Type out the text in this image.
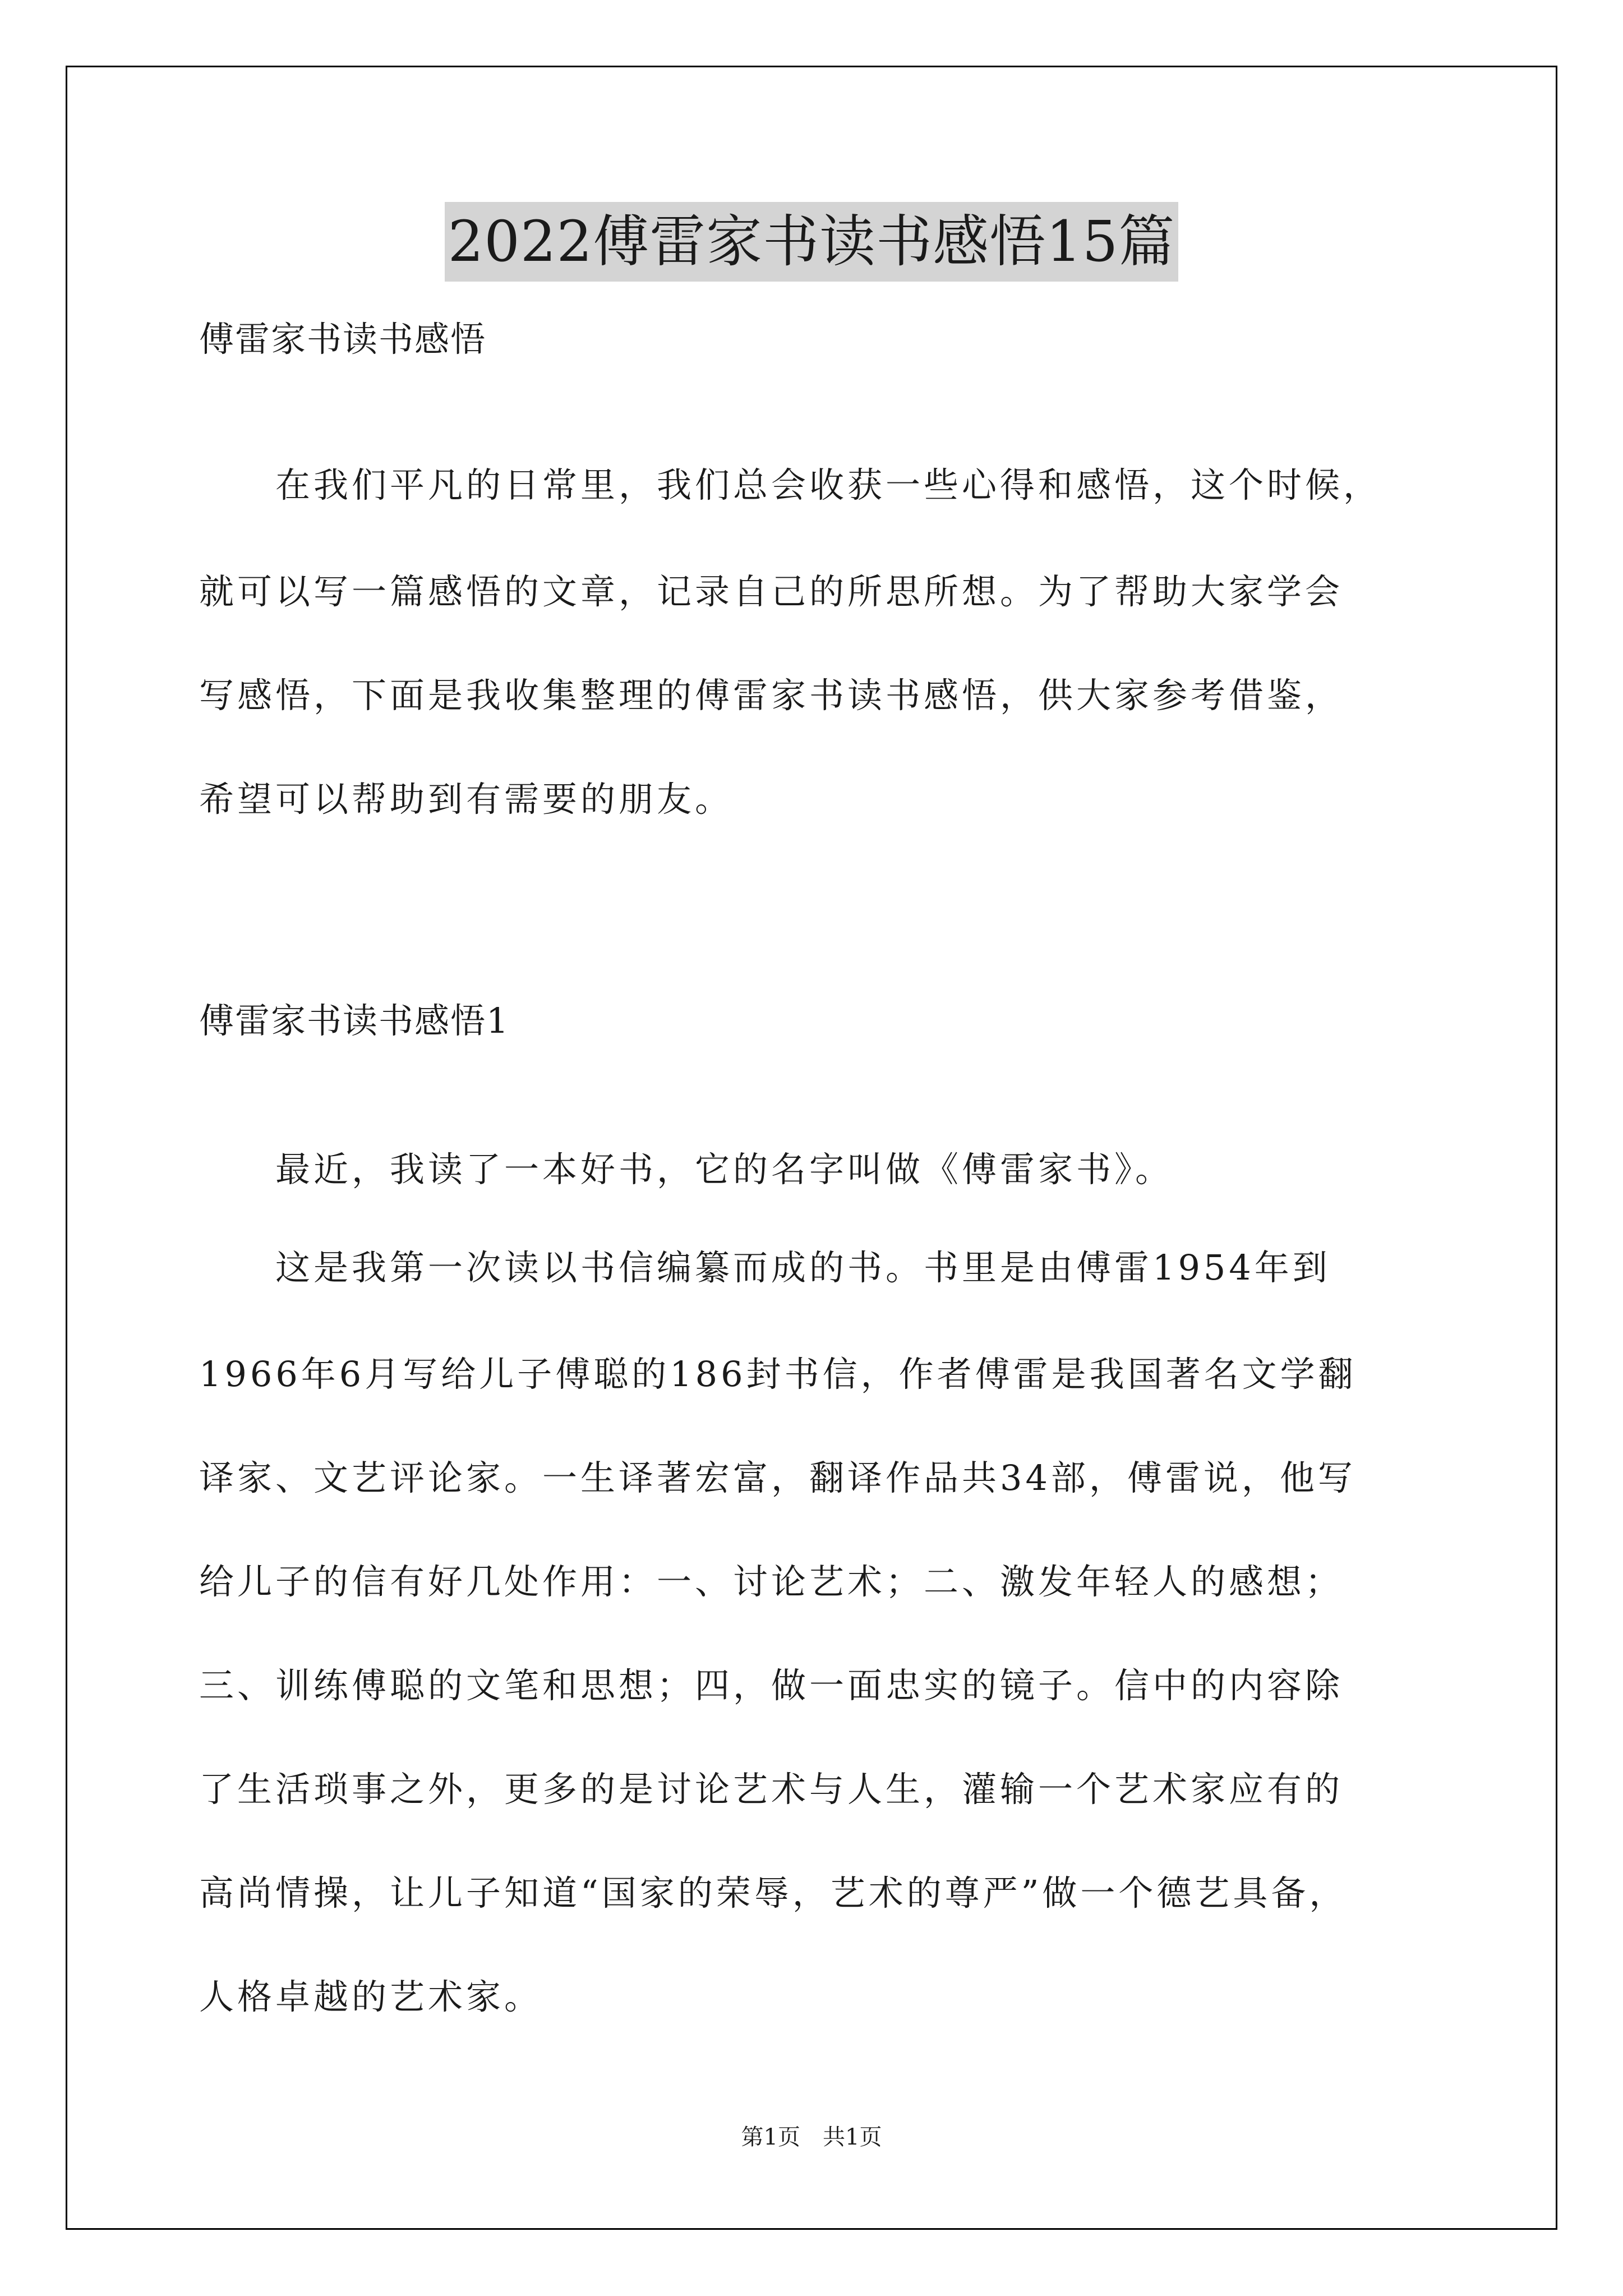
2022傅雷家书读书感悟15篇
傅雷家书读书感悟
　　在我们平凡的日常里，我们总会收获一些心得和感悟，这个时候，
就可以写一篇感悟的文章，记录自己的所思所想。为了帮助大家学会
写感悟，下面是我收集整理的傅雷家书读书感悟，供大家参考借鉴，
希望可以帮助到有需要的朋友。
傅雷家书读书感悟1
　　最近，我读了一本好书，它的名字叫做《傅雷家书》。
　　这是我第一次读以书信编纂而成的书。书里是由傅雷1954年到
1966年6月写给儿子傅聪的186封书信，作者傅雷是我国著名文学翻
译家、文艺评论家。一生译著宏富，翻译作品共34部，傅雷说，他写
给儿子的信有好几处作用：一、讨论艺术；二、激发年轻人的感想；
三、训练傅聪的文笔和思想；四，做一面忠实的镜子。信中的内容除
了生活琐事之外，更多的是讨论艺术与人生，灌输一个艺术家应有的
高尚情操，让儿子知道“国家的荣辱，艺术的尊严”做一个德艺具备，
人格卓越的艺术家。
第1页　共1页
